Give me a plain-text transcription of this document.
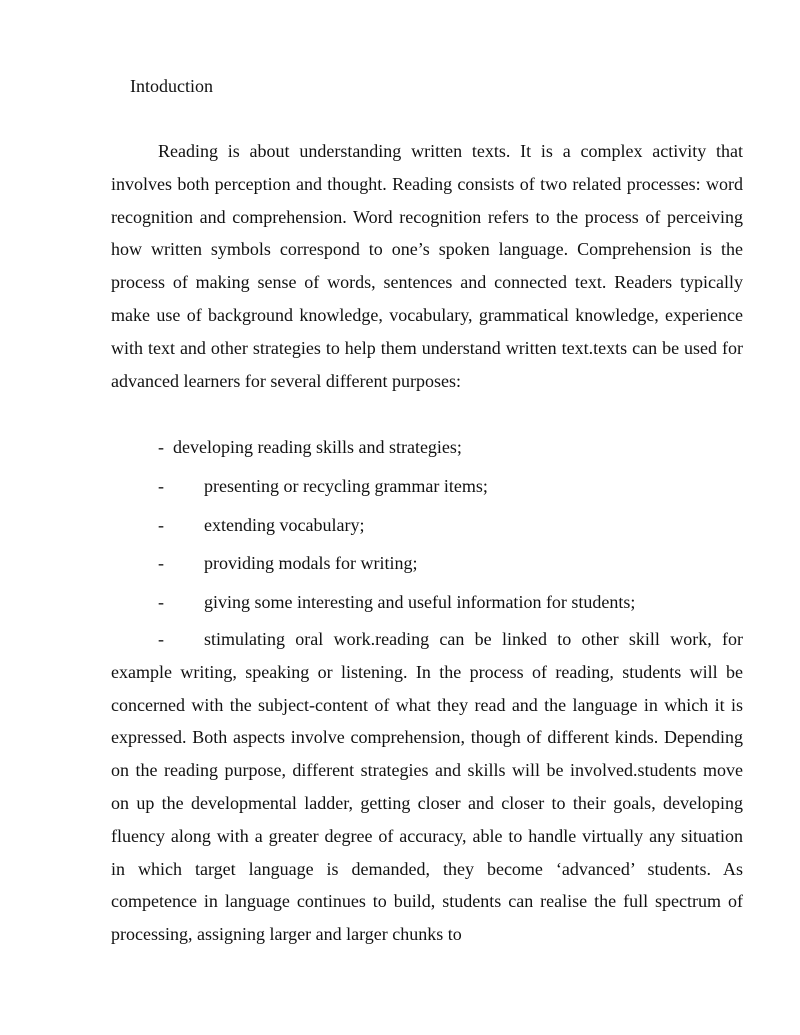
Intoduction

Reading is about understanding written texts. It is a complex activity that involves both perception and thought. Reading consists of two related processes: word recognition and comprehension. Word recognition refers to the process of perceiving how written symbols correspond to one’s spoken language. Comprehension is the process of making sense of words, sentences and connected text. Readers typically make use of background knowledge, vocabulary, grammatical knowledge, experience with text and other strategies to help them understand written text.texts can be used for advanced learners for several different purposes:

- developing reading skills and strategies;

- presenting or recycling grammar items;

- extending vocabulary;

- providing modals for writing;

- giving some interesting and useful information for students;

- stimulating oral work.reading can be linked to other skill work, for example writing, speaking or listening. In the process of reading, students will be concerned with the subject-content of what they read and the language in which it is expressed. Both aspects involve comprehension, though of different kinds. Depending on the reading purpose, different strategies and skills will be involved.students move on up the developmental ladder, getting closer and closer to their goals, developing fluency along with a greater degree of accuracy, able to handle virtually any situation in which target language is demanded, they become ‘advanced’ students. As competence in language continues to build, students can realise the full spectrum of processing, assigning larger and larger chunks to
